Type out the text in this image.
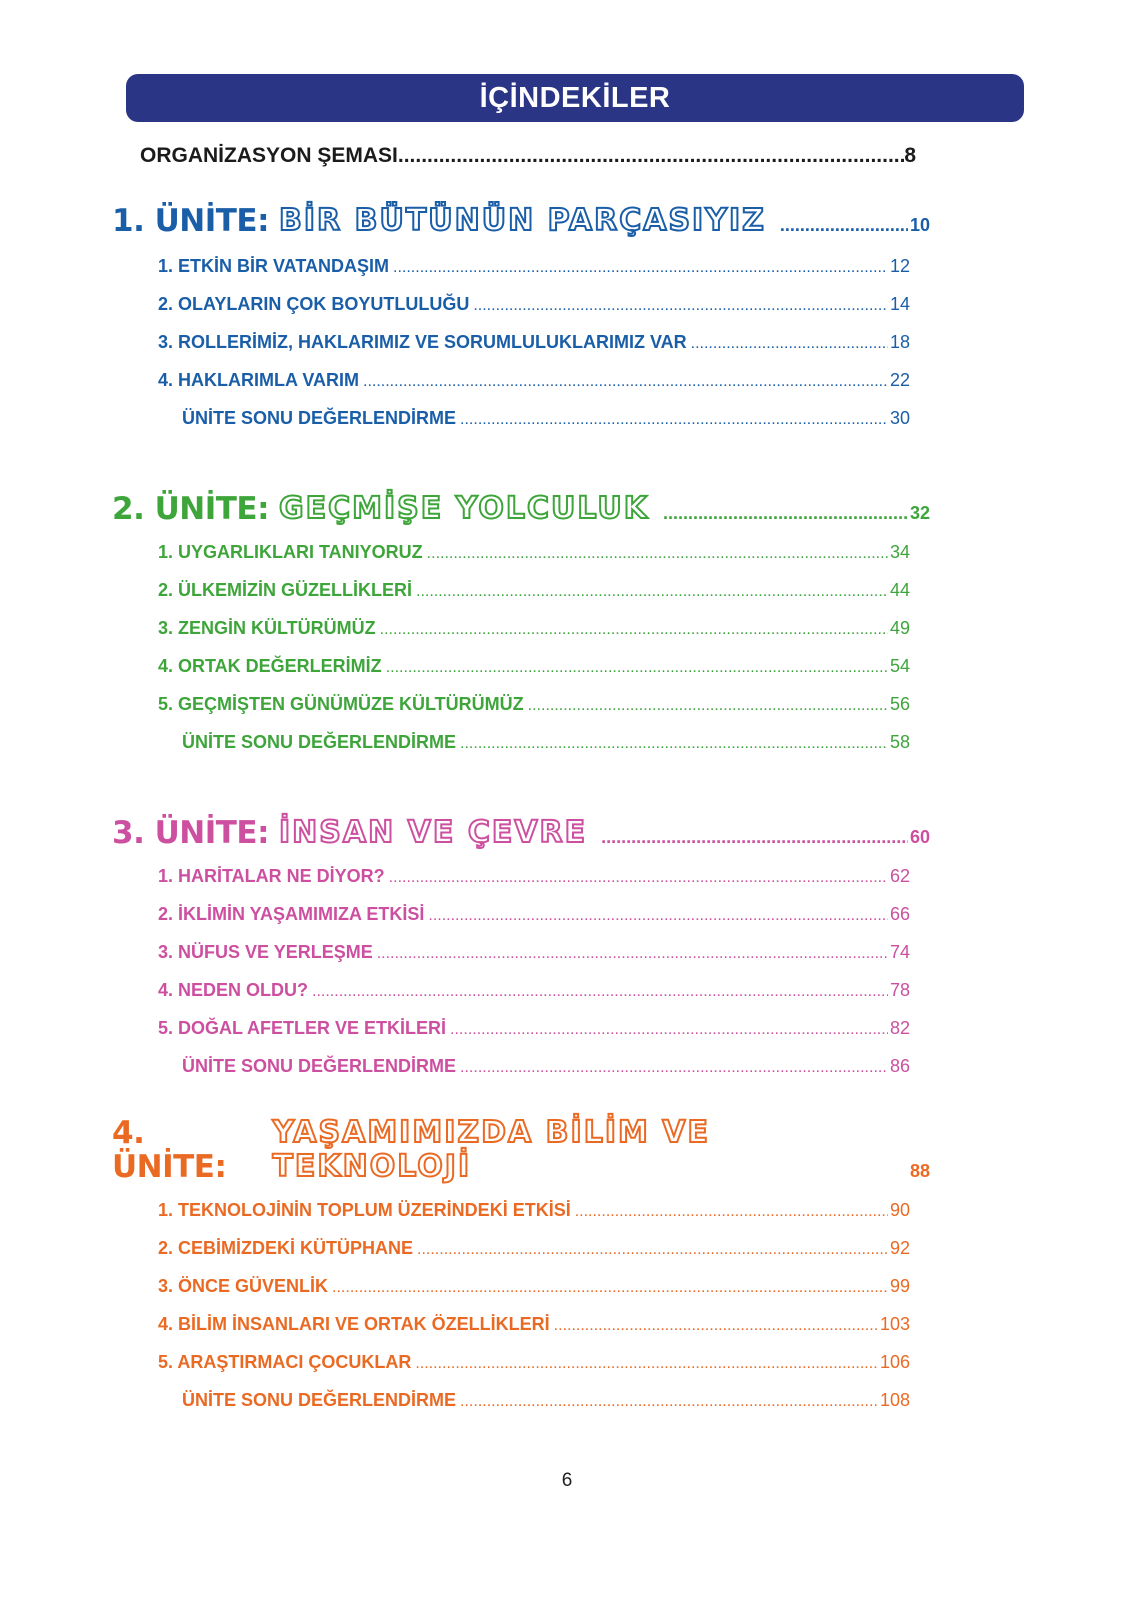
İÇİNDEKİLER
ORGANİZASYON ŞEMASI .....	8
1. ÜNİTE: BİR BÜTÜNÜN PARÇASIYIZ .....	10
1. ETKİN BİR VATANDAŞIM .....	12
2. OLAYLARIN ÇOK BOYUTLULUĞU .....	14
3. ROLLERİMİZ, HAKLARIMIZ VE SORUMLULUKLARIMIZ VAR .....	18
4. HAKLARIMLA VARIM .....	22
ÜNİTE SONU DEĞERLENDİRME .....	30
2. ÜNİTE: GEÇMİŞE YOLCULUK .....	32
1. UYGARLIKLARI TANIYORUZ .....	34
2. ÜLKEMİZİN GÜZELLİKLERİ .....	44
3. ZENGİN KÜLTÜRÜMÜZ .....	49
4. ORTAK DEĞERLERİMİZ .....	54
5. GEÇMİŞTEN GÜNÜMÜZE KÜLTÜRÜMÜZ .....	56
ÜNİTE SONU DEĞERLENDİRME .....	58
3. ÜNİTE: İNSAN VE ÇEVRE .....	60
1. HARİTALAR NE DİYOR? .....	62
2. İKLİMİN YAŞAMIMIZA ETKİSİ .....	66
3. NÜFUS VE YERLEŞME .....	74
4. NEDEN OLDU? .....	78
5. DOĞAL AFETLER VE ETKİLERİ .....	82
ÜNİTE SONU DEĞERLENDİRME .....	86
4. ÜNİTE:
YAŞAMIMIZDA BİLİM VE TEKNOLOJİ	88
1. TEKNOLOJİNİN TOPLUM ÜZERİNDEKİ ETKİSİ .....	90
2. CEBİMİZDEKİ KÜTÜPHANE .....	92
3. ÖNCE GÜVENLİK .....	99
4. BİLİM İNSANLARI VE ORTAK ÖZELLİKLERİ .....	103
5. ARAŞTIRMACI ÇOCUKLAR .....	106
ÜNİTE SONU DEĞERLENDİRME .....	108
6
